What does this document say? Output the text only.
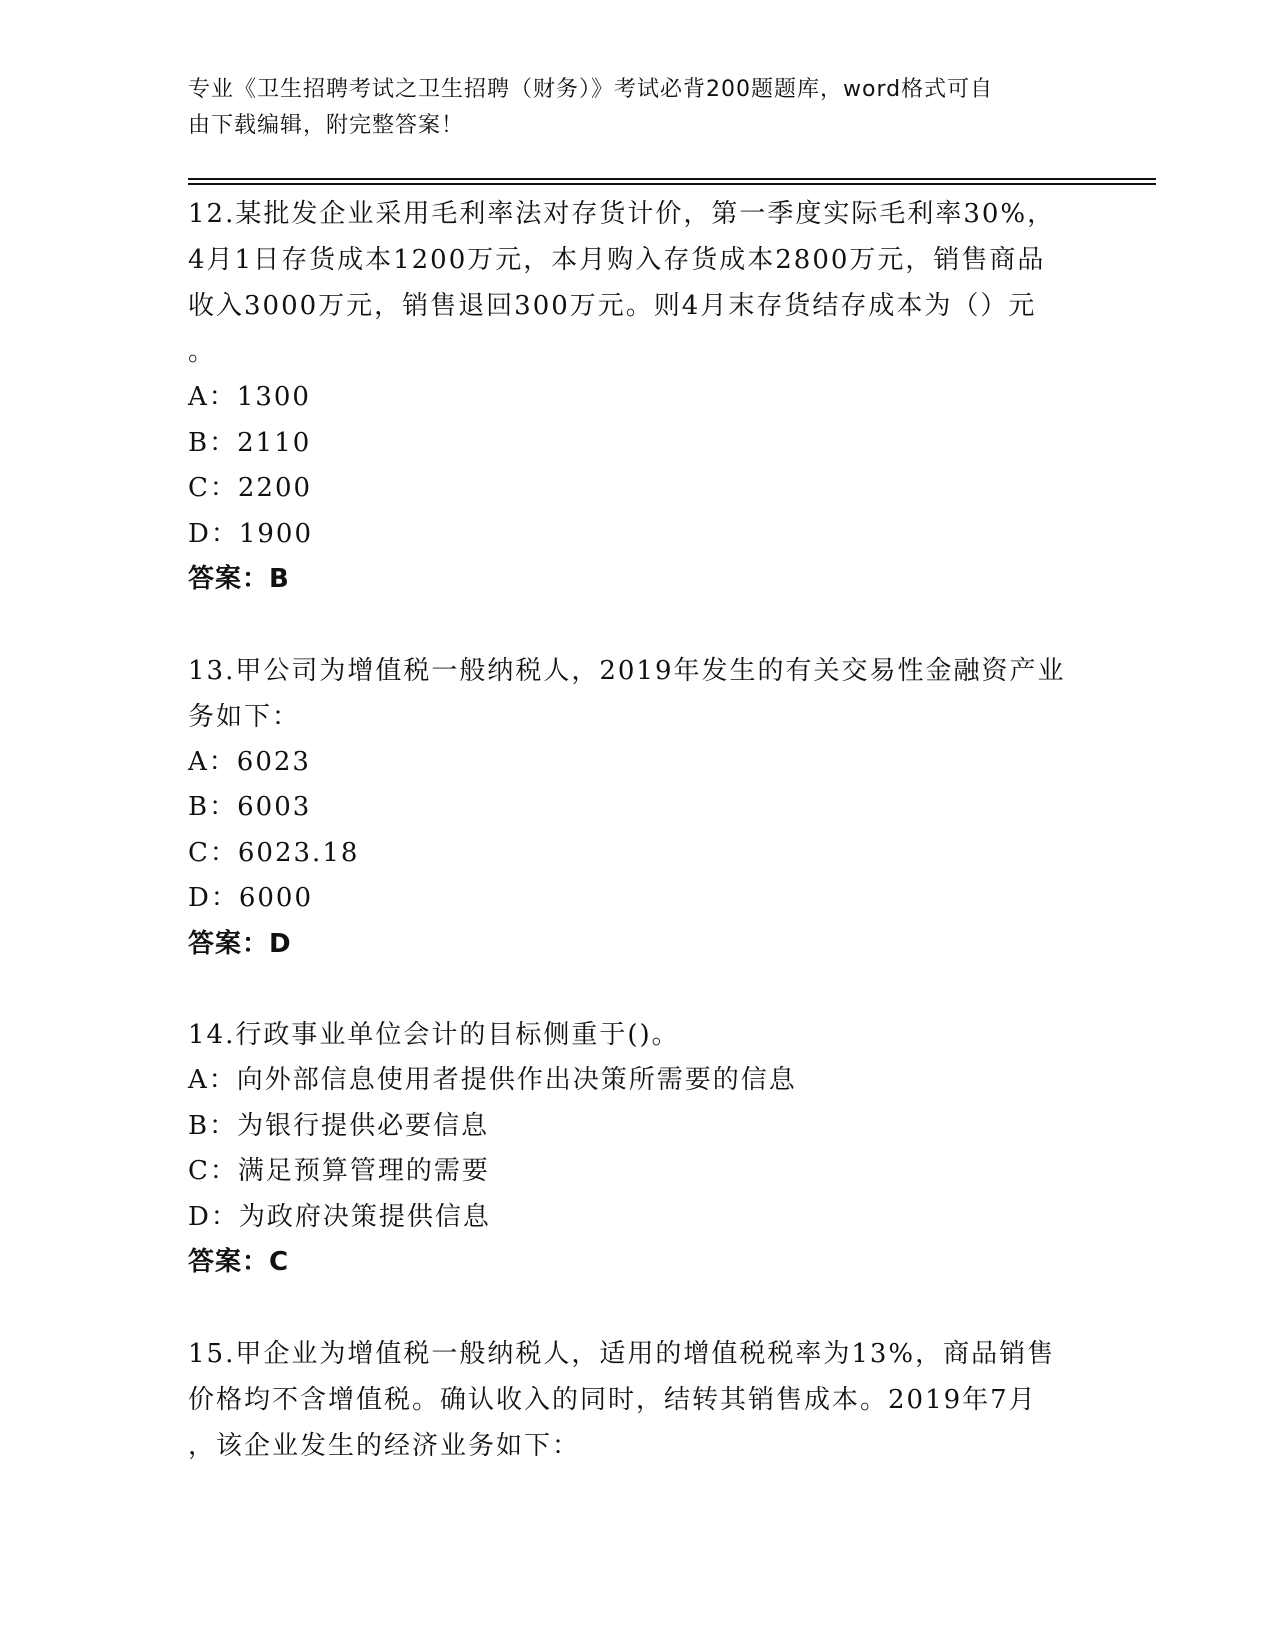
专业《卫生招聘考试之卫生招聘（财务）》考试必背200题题库，word格式可自
由下载编辑，附完整答案！
12.某批发企业采用毛利率法对存货计价，第一季度实际毛利率30%，
4月1日存货成本1200万元，本月购入存货成本2800万元，销售商品
收入3000万元，销售退回300万元。则4月末存货结存成本为（）元
。
A：1300
B：2110
C：2200
D：1900
答案：B
13.甲公司为增值税一般纳税人，2019年发生的有关交易性金融资产业
务如下：
A：6023
B：6003
C：6023.18
D：6000
答案：D
14.行政事业单位会计的目标侧重于()。
A：向外部信息使用者提供作出决策所需要的信息
B：为银行提供必要信息
C：满足预算管理的需要
D：为政府决策提供信息
答案：C
15.甲企业为增值税一般纳税人，适用的增值税税率为13%，商品销售
价格均不含增值税。确认收入的同时，结转其销售成本。2019年7月
，该企业发生的经济业务如下：
